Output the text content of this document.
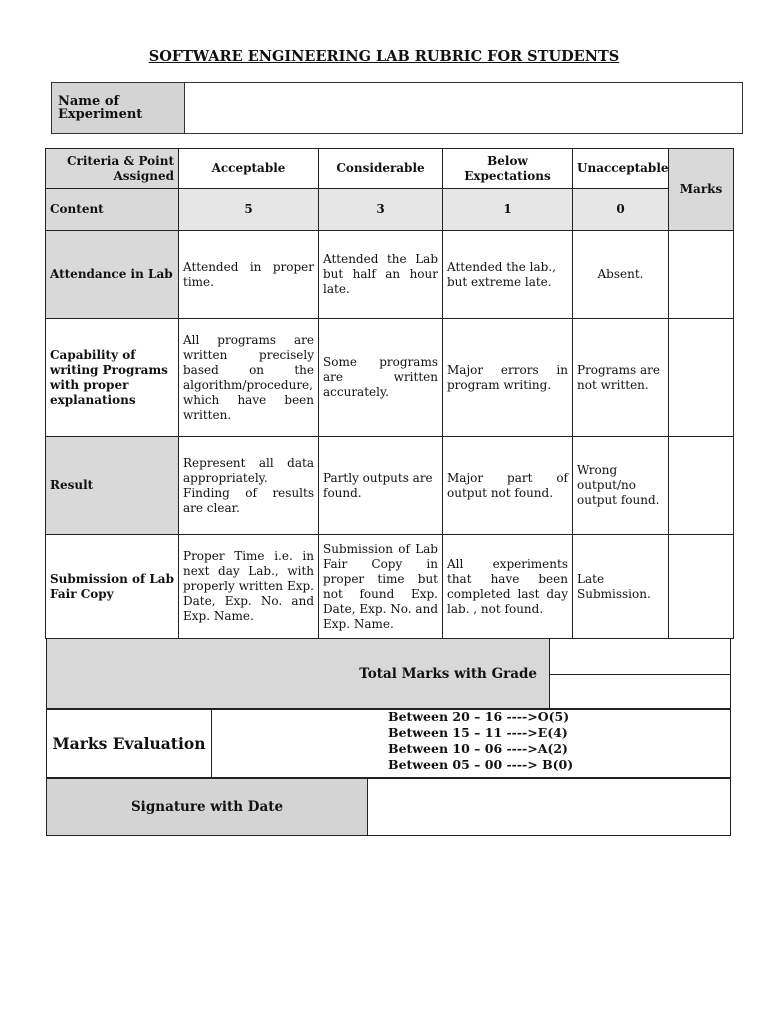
SOFTWARE ENGINEERING LAB RUBRIC FOR STUDENTS
Name of
Experiment
Criteria & Point
Assigned	Acceptable	Considerable	Below Expectations	Unacceptable	Marks
Content	5	3	1	0	
Attendance in Lab	Attended in proper time.	Attended the Lab but half an hour late.	Attended the lab., but extreme late.	Absent.	
Capability of writing Programs with proper explanations	All programs are written precisely based on the algorithm/procedure, which have been written.	Some programs are written accurately.	Major errors in program writing.	Programs are not written.	
Result	Represent all data appropriately. Finding of results are clear.	Partly outputs are found.	Major part of output not found.	Wrong output/no output found.	
Submission of Lab Fair Copy	Proper Time i.e. in next day Lab., with properly written Exp. Date, Exp. No. and Exp. Name.	Submission of Lab Fair Copy in proper time but not found Exp. Date, Exp. No. and Exp. Name.	All experiments that have been completed last day lab. , not found.	Late Submission.	
Total Marks with Grade
Marks Evaluation
Between 20 – 16 ---->O(5)
Between 15 – 11 ---->E(4)
Between 10 – 06 ---->A(2)
Between 05 – 00 ----> B(0)
Signature with Date
